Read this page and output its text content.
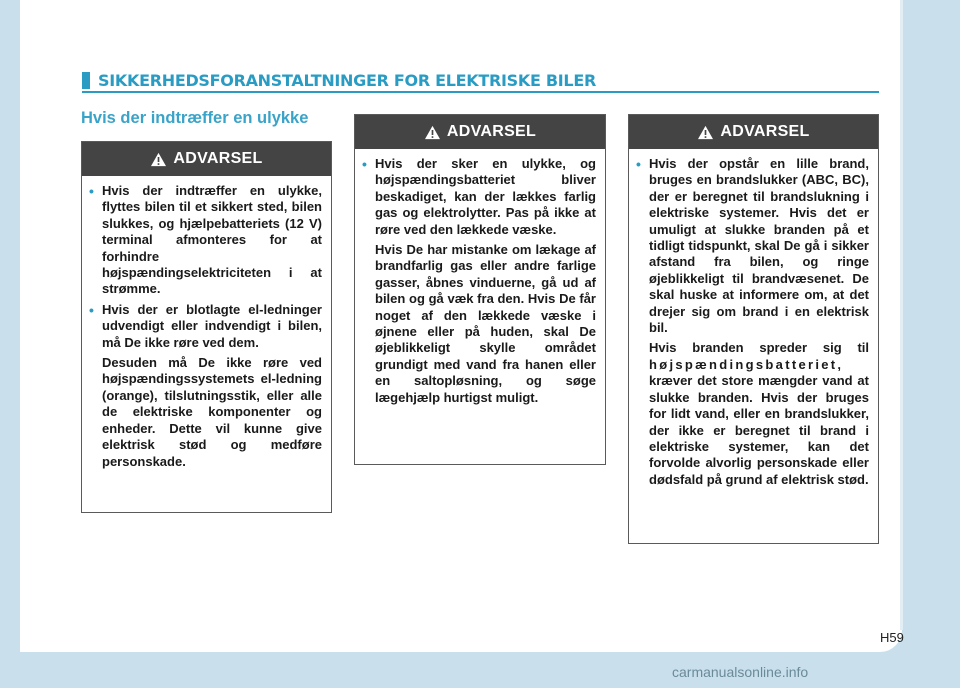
SIKKERHEDSFORANSTALTNINGER FOR ELEKTRISKE BILER
Hvis der indtræffer en ulykke
ADVARSEL
• Hvis der indtræffer en ulykke, flyttes bilen til et sikkert sted, bilen slukkes, og hjælpebatteriets (12 V) terminal afmonteres for at forhindre højspændingselektriciteten i at strømme.
• Hvis der er blotlagte el-ledninger udvendigt eller indvendigt i bilen, må De ikke røre ved dem.
Desuden må De ikke røre ved højspændingssystemets el-ledning (orange), tilslutningsstik, eller alle de elektriske komponenter og enheder. Dette vil kunne give elektrisk stød og medføre personskade.
ADVARSEL
• Hvis der sker en ulykke, og højspændingsbatteriet bliver beskadiget, kan der lækkes farlig gas og elektrolytter. Pas på ikke at røre ved den lækkede væske.
Hvis De har mistanke om lækage af brandfarlig gas eller andre farlige gasser, åbnes vinduerne, gå ud af bilen og gå væk fra den. Hvis De får noget af den lækkede væske i øjnene eller på huden, skal De øjeblikkeligt skylle området grundigt med vand fra hanen eller en saltopløsning, og søge lægehjælp hurtigst muligt.
ADVARSEL
• Hvis der opstår en lille brand, bruges en brandslukker (ABC, BC), der er beregnet til brandslukning i elektriske systemer. Hvis det er umuligt at slukke branden på et tidligt tidspunkt, skal De gå i sikker afstand fra bilen, og ringe øjeblikkeligt til brandvæsenet. De skal huske at informere om, at det drejer sig om brand i en elektrisk bil.
Hvis branden spreder sig til højspændingsbatteriet, kræver det store mængder vand at slukke branden. Hvis der bruges for lidt vand, eller en brandslukker, der ikke er beregnet til brand i elektriske systemer, kan det forvolde alvorlig personskade eller dødsfald på grund af elektrisk stød.
H59
carmanualsonline.info
